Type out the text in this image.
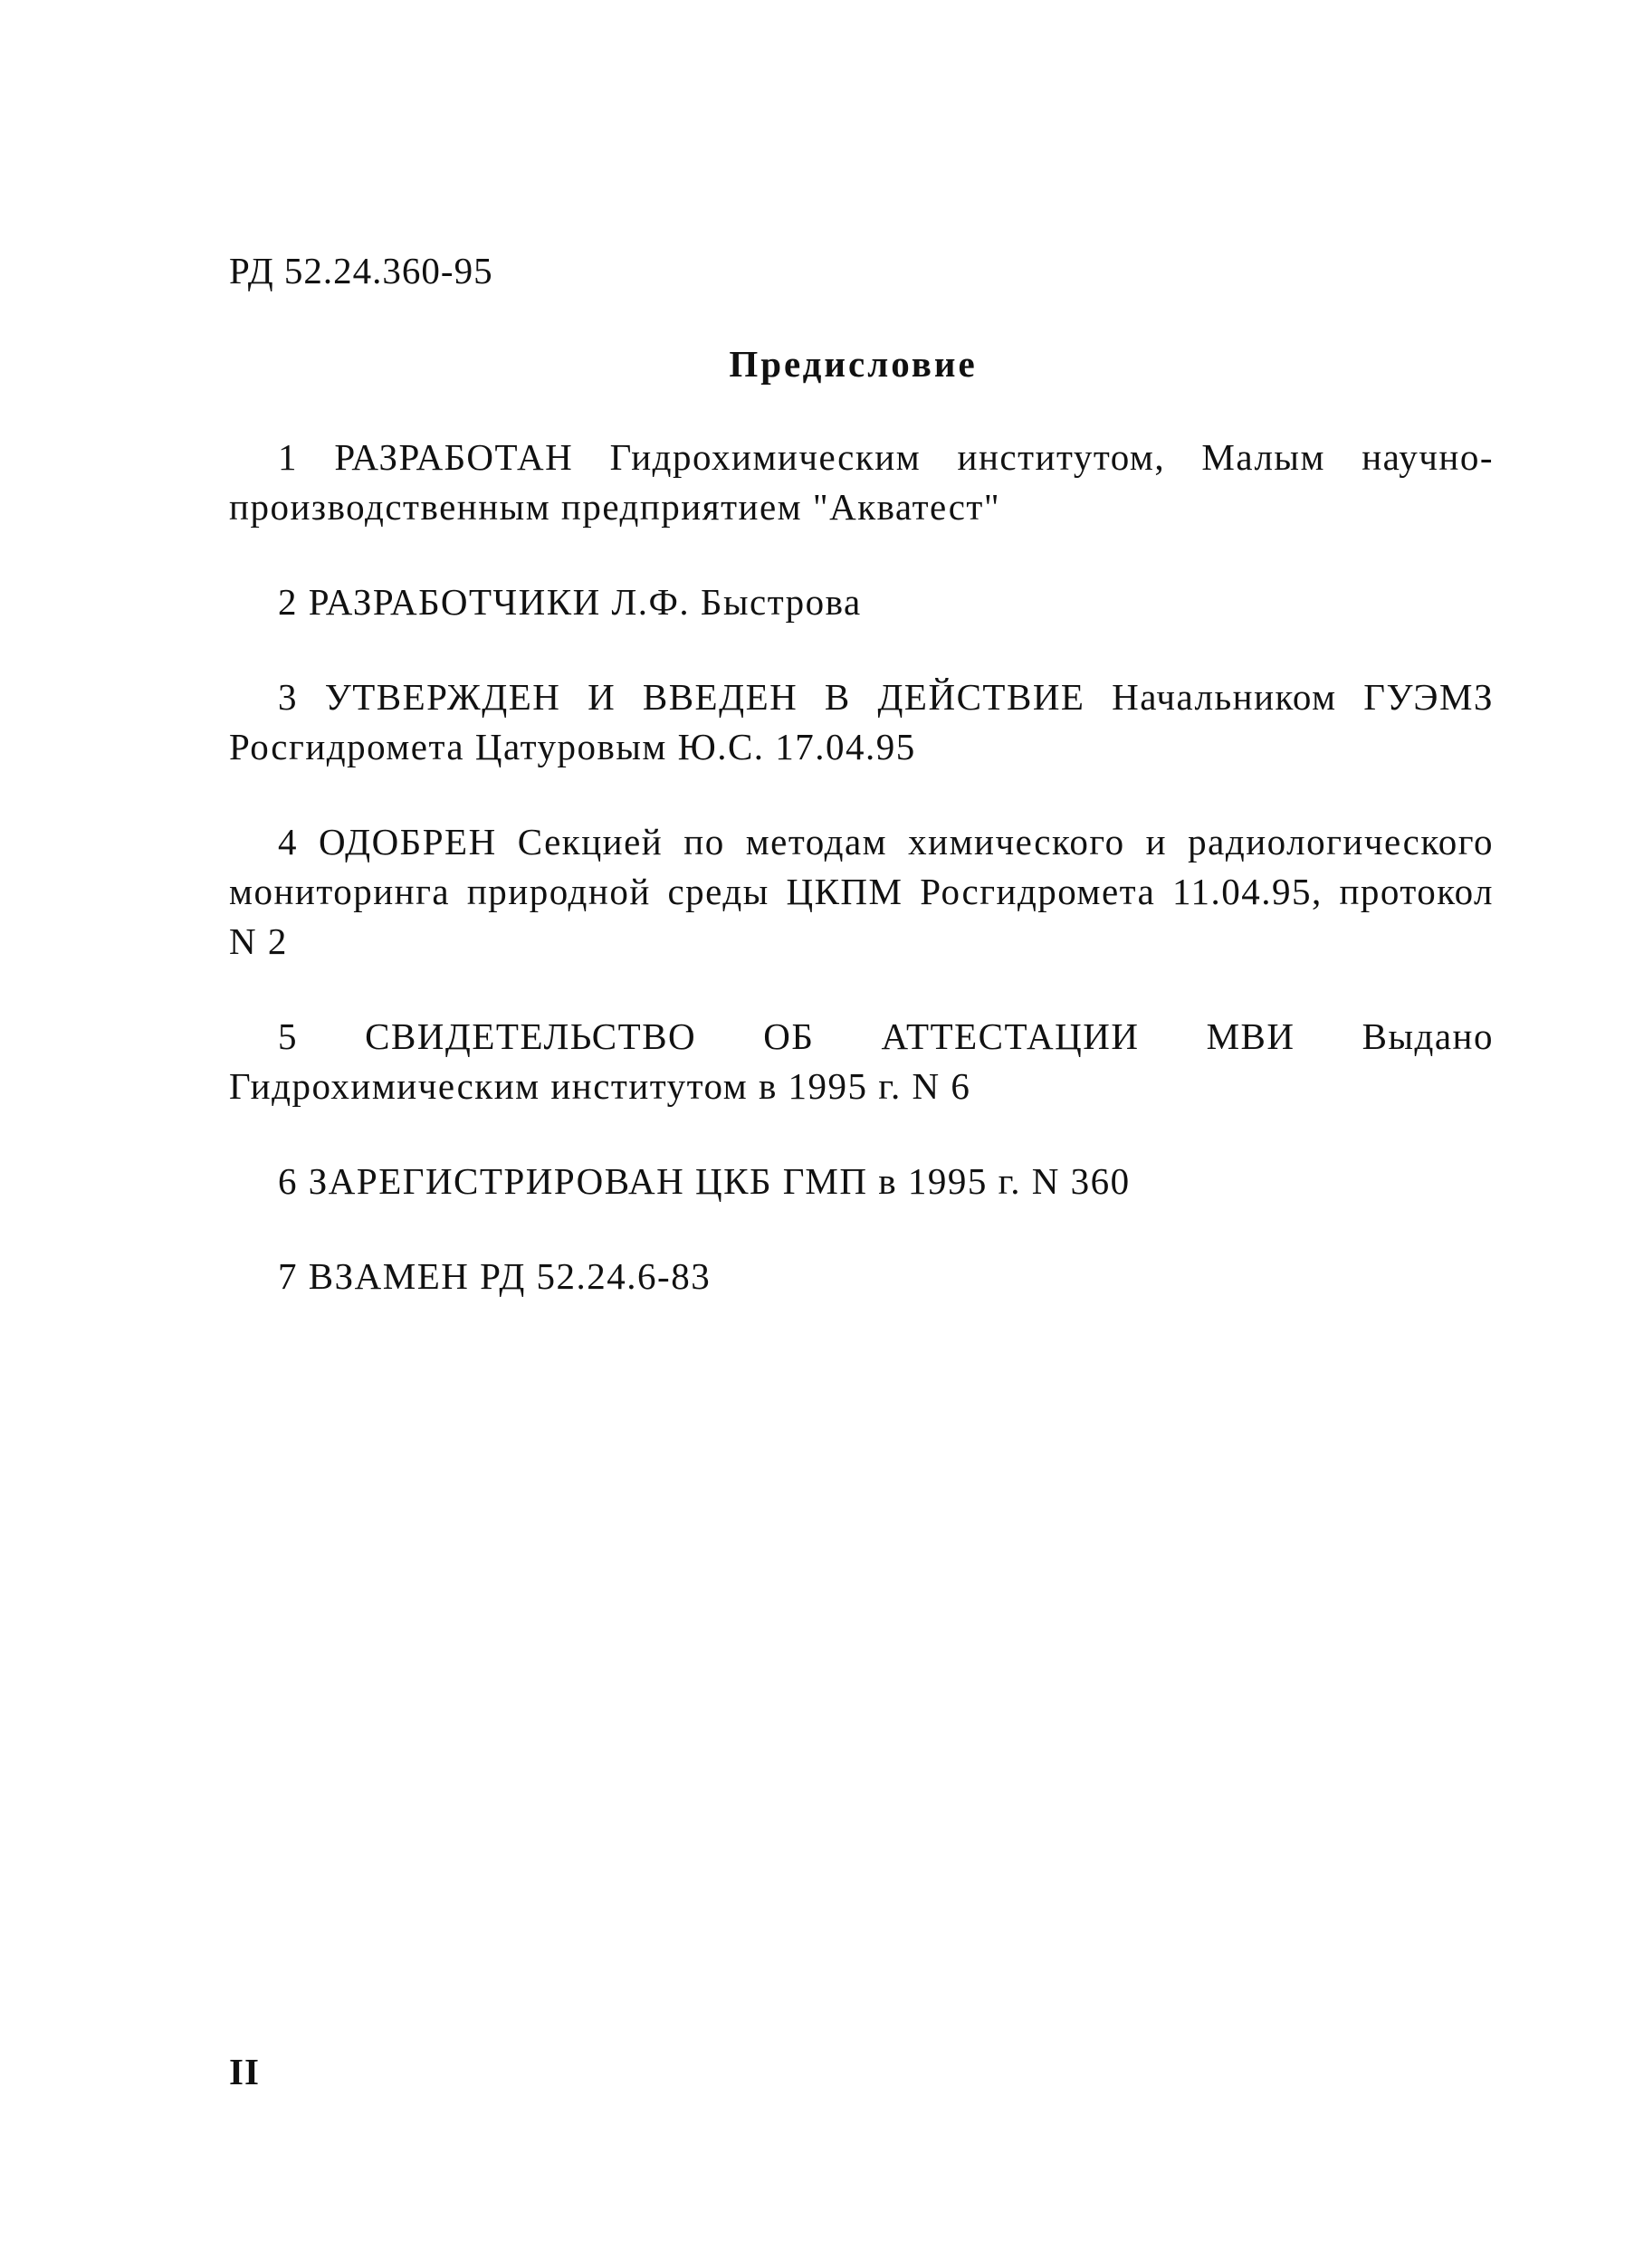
РД 52.24.360-95
Предисловие

1 РАЗРАБОТАН Гидрохимическим институтом, Малым научно-производственным предприятием "Акватест"

2 РАЗРАБОТЧИКИ Л.Ф. Быстрова

3 УТВЕРЖДЕН И ВВЕДЕН В ДЕЙСТВИЕ Начальником ГУЭМЗ Росгидромета Цатуровым Ю.С. 17.04.95

4 ОДОБРЕН Секцией по методам химического и радиологического мониторинга природной среды ЦКПМ Росгидромета 11.04.95, протокол N 2

5 СВИДЕТЕЛЬСТВО ОБ АТТЕСТАЦИИ МВИ Выдано Гидрохимическим институтом в 1995 г. N 6

6 ЗАРЕГИСТРИРОВАН ЦКБ ГМП в 1995 г. N 360

7 ВЗАМЕН РД 52.24.6-83

II
